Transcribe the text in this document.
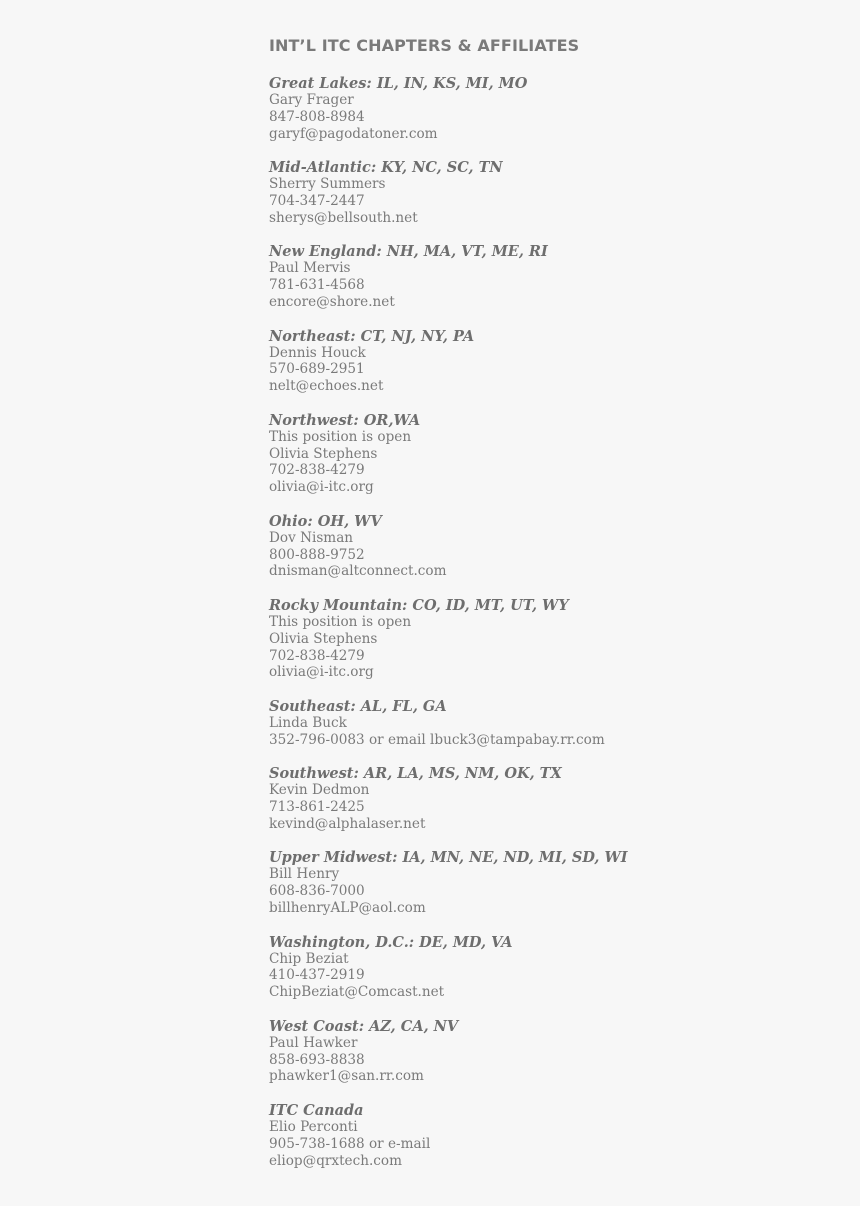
INT’L ITC CHAPTERS & AFFILIATES
Great Lakes: IL, IN, KS, MI, MO
Gary Frager
847-808-8984
garyf@pagodatoner.com
Mid-Atlantic: KY, NC, SC, TN
Sherry Summers
704-347-2447
sherys@bellsouth.net
New England: NH, MA, VT, ME, RI
Paul Mervis
781-631-4568
encore@shore.net
Northeast: CT, NJ, NY, PA
Dennis Houck
570-689-2951
nelt@echoes.net
Northwest: OR,WA
This position is open
Olivia Stephens
702-838-4279
olivia@i-itc.org
Ohio: OH, WV
Dov Nisman
800-888-9752
dnisman@altconnect.com
Rocky Mountain: CO, ID, MT, UT, WY
This position is open
Olivia Stephens
702-838-4279
olivia@i-itc.org
Southeast: AL, FL, GA
Linda Buck
352-796-0083 or email lbuck3@tampabay.rr.com
Southwest: AR, LA, MS, NM, OK, TX
Kevin Dedmon
713-861-2425
kevind@alphalaser.net
Upper Midwest: IA, MN, NE, ND, MI, SD, WI
Bill Henry
608-836-7000
billhenryALP@aol.com
Washington, D.C.: DE, MD, VA
Chip Beziat
410-437-2919
ChipBeziat@Comcast.net
West Coast: AZ, CA, NV
Paul Hawker
858-693-8838
phawker1@san.rr.com
ITC Canada
Elio Perconti
905-738-1688 or e-mail
eliop@qrxtech.com
